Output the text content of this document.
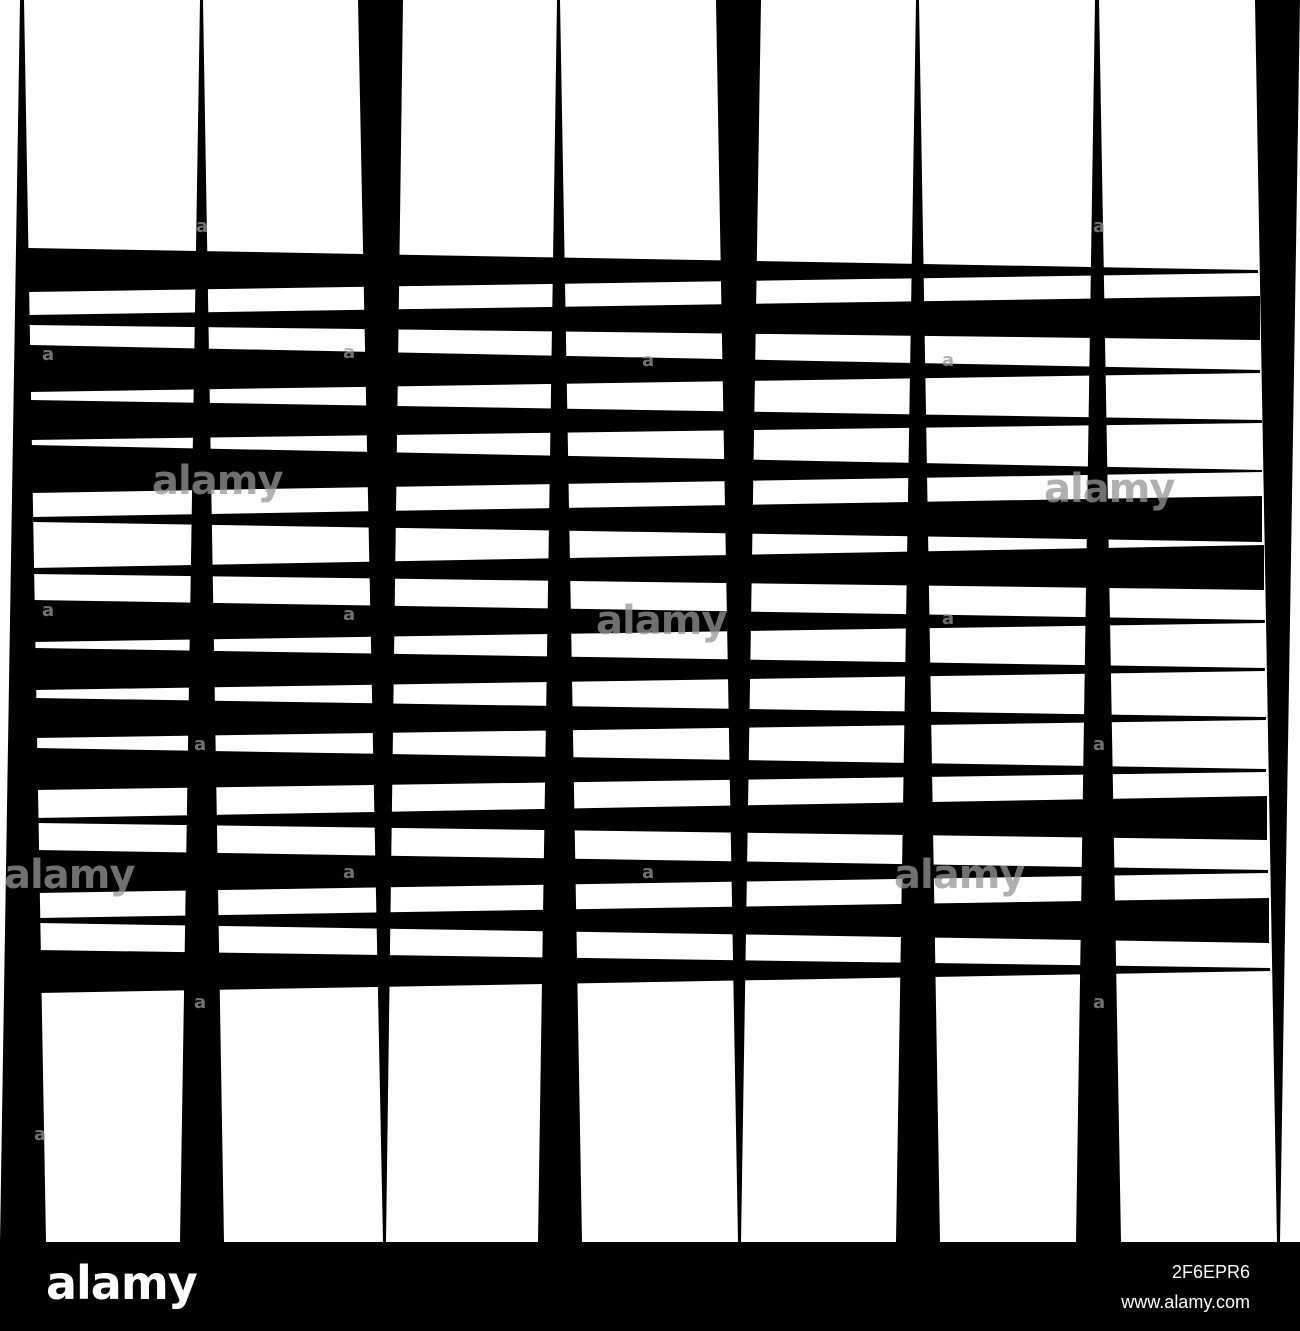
alamy	alamy
alamy
alamy	alamy
a	a
a	a	a	a
a	a	a
a	a
a	a
a	a
a
alamy	2F6EPR6
www.alamy.com
